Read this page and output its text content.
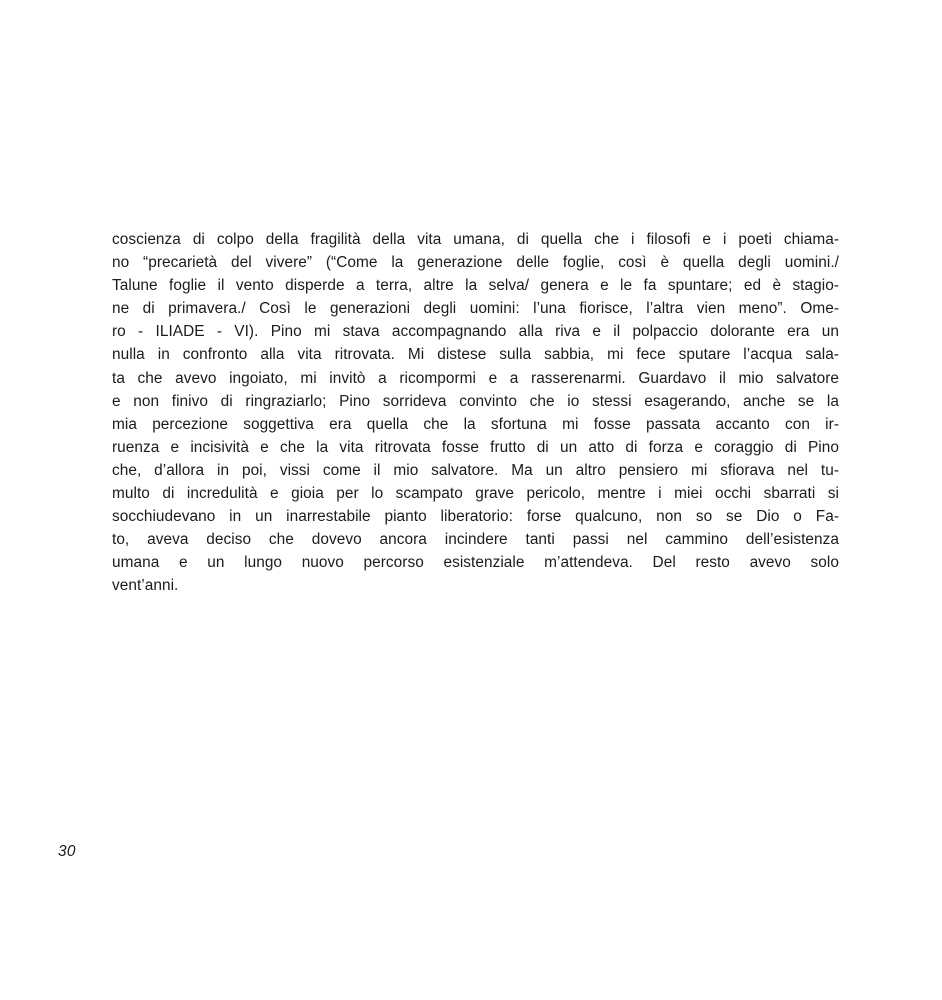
coscienza di colpo della fragilità della vita umana, di quella che i filosofi e i poeti chiama-
no “precarietà del vivere” (“Come la generazione delle foglie, così è quella degli uomini./
Talune foglie il vento disperde a terra, altre la selva/ genera e le fa spuntare; ed è stagio-
ne di primavera./ Così le generazioni degli uomini: l’una fiorisce, l’altra vien meno”. Ome-
ro - ILIADE - VI). Pino mi stava accompagnando alla riva e il polpaccio dolorante era un
nulla in confronto alla vita ritrovata. Mi distese sulla sabbia, mi fece sputare l’acqua sala-
ta che avevo ingoiato, mi invitò a ricompormi e a rasserenarmi. Guardavo il mio salvatore
e non finivo di ringraziarlo; Pino sorrideva convinto che io stessi esagerando, anche se la
mia percezione soggettiva era quella che la sfortuna mi fosse passata accanto con ir-
ruenza e incisività e che la vita ritrovata fosse frutto di un atto di forza e coraggio di Pino
che, d’allora in poi, vissi come il mio salvatore. Ma un altro pensiero mi sfiorava nel tu-
multo di incredulità e gioia per lo scampato grave pericolo, mentre i miei occhi sbarrati si
socchiudevano in un inarrestabile pianto liberatorio: forse qualcuno, non so se Dio o Fa-
to, aveva deciso che dovevo ancora incindere tanti passi nel cammino dell’esistenza
umana e un lungo nuovo percorso esistenziale m’attendeva. Del resto avevo solo
vent’anni.
30
